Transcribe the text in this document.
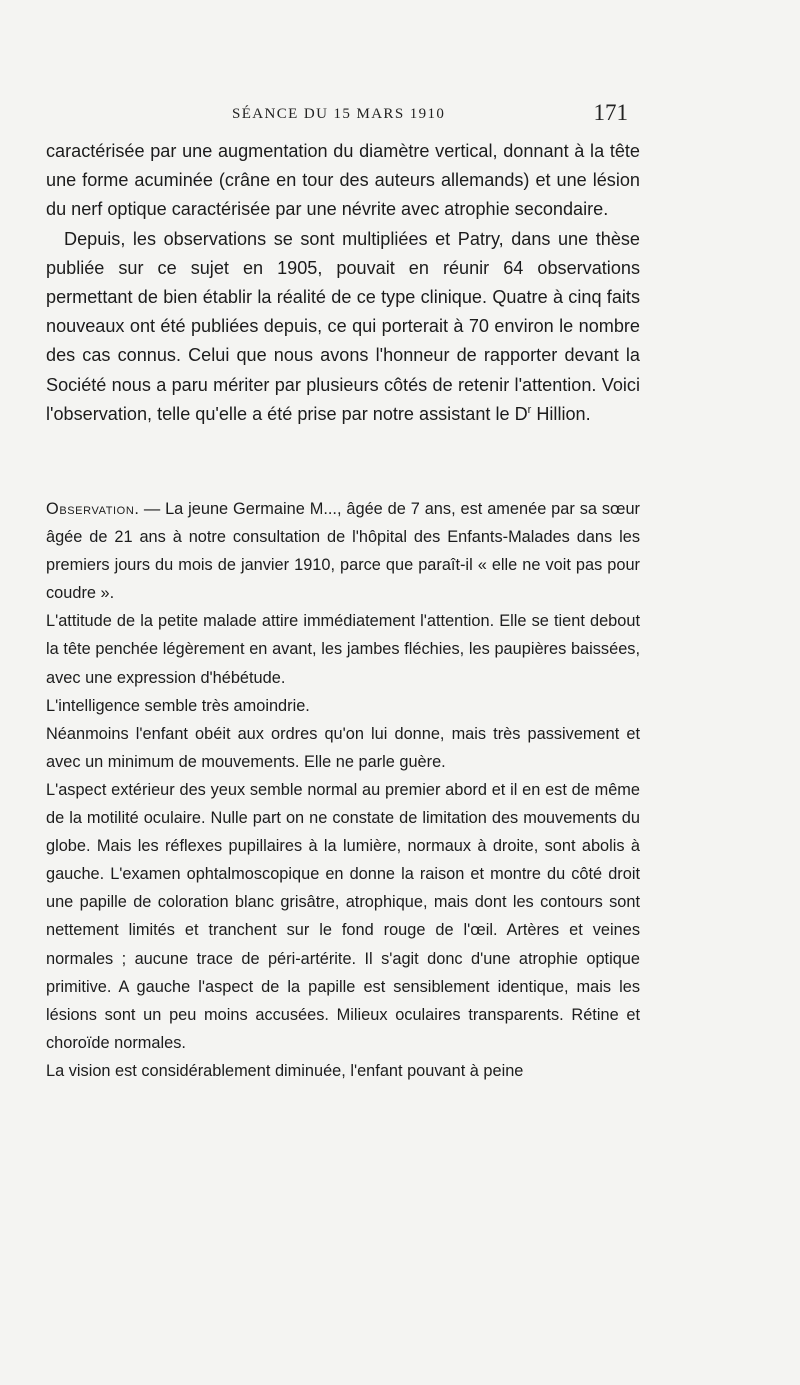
SÉANCE DU 15 MARS 1910	171

caractérisée par une augmentation du diamètre vertical, donnant à la tête une forme acuminée (crâne en tour des auteurs allemands) et une lésion du nerf optique caractérisée par une névrite avec atrophie secondaire.

Depuis, les observations se sont multipliées et Patry, dans une thèse publiée sur ce sujet en 1905, pouvait en réunir 64 observations permettant de bien établir la réalité de ce type clinique. Quatre à cinq faits nouveaux ont été publiées depuis, ce qui porterait à 70 environ le nombre des cas connus. Celui que nous avons l'honneur de rapporter devant la Société nous a paru mériter par plusieurs côtés de retenir l'attention. Voici l'observation, telle qu'elle a été prise par notre assistant le $D^r$ Hillion.

Observation. — La jeune Germaine M..., âgée de 7 ans, est amenée par sa sœur âgée de 21 ans à notre consultation de l'hôpital des Enfants-Malades dans les premiers jours du mois de janvier 1910, parce que paraît-il « elle ne voit pas pour coudre ».

L'attitude de la petite malade attire immédiatement l'attention. Elle se tient debout la tête penchée légèrement en avant, les jambes fléchies, les paupières baissées, avec une expression d'hébétude.

L'intelligence semble très amoindrie.

Néanmoins l'enfant obéit aux ordres qu'on lui donne, mais très passivement et avec un minimum de mouvements. Elle ne parle guère.

L'aspect extérieur des yeux semble normal au premier abord et il en est de même de la motilité oculaire. Nulle part on ne constate de limitation des mouvements du globe. Mais les réflexes pupillaires à la lumière, normaux à droite, sont abolis à gauche. L'examen ophtalmoscopique en donne la raison et montre du côté droit une papille de coloration blanc grisâtre, atrophique, mais dont les contours sont nettement limités et tranchent sur le fond rouge de l'œil. Artères et veines normales ; aucune trace de péri-artérite. Il s'agit donc d'une atrophie optique primitive. A gauche l'aspect de la papille est sensiblement identique, mais les lésions sont un peu moins accusées. Milieux oculaires transparents. Rétine et choroïde normales.

La vision est considérablement diminuée, l'enfant pouvant à peine
